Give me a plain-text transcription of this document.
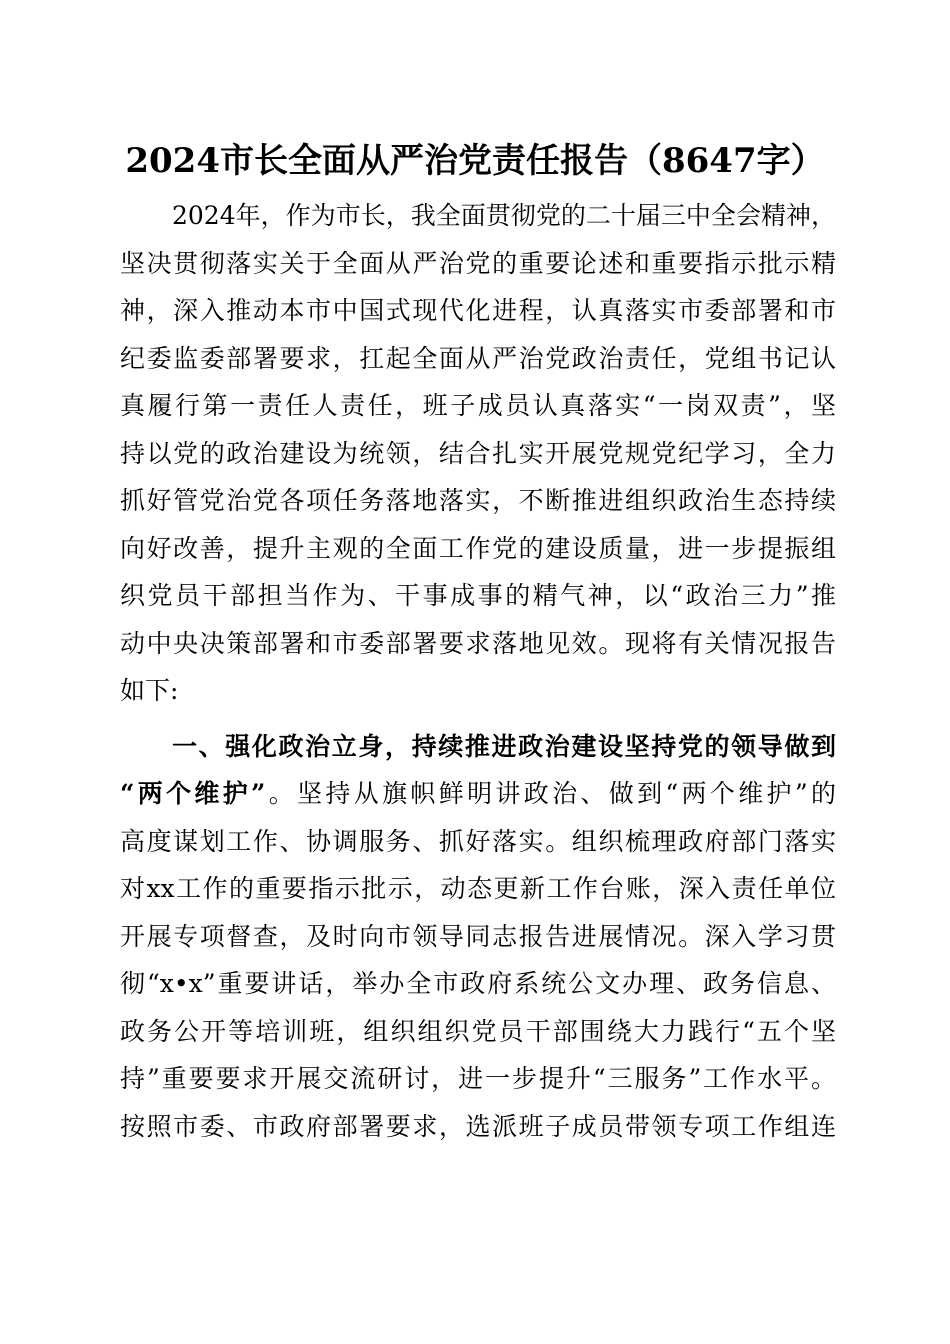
2024市长全面从严治党责任报告（8647字）
2024年，作为市长，我全面贯彻党的二十届三中全会精神，
坚决贯彻落实关于全面从严治党的重要论述和重要指示批示精
神，深入推动本市中国式现代化进程，认真落实市委部署和市
纪委监委部署要求，扛起全面从严治党政治责任，党组书记认
真履行第一责任人责任，班子成员认真落实“一岗双责”，坚
持以党的政治建设为统领，结合扎实开展党规党纪学习，全力
抓好管党治党各项任务落地落实，不断推进组织政治生态持续
向好改善，提升主观的全面工作党的建设质量，进一步提振组
织党员干部担当作为、干事成事的精气神，以“政治三力”推
动中央决策部署和市委部署要求落地见效。现将有关情况报告
如下:
一、强化政治立身，持续推进政治建设坚持党的领导做到
“两个维护”。坚持从旗帜鲜明讲政治、做到“两个维护”的
高度谋划工作、协调服务、抓好落实。组织梳理政府部门落实
对xx工作的重要指示批示，动态更新工作台账，深入责任单位
开展专项督查，及时向市领导同志报告进展情况。深入学习贯
彻“x•x”重要讲话，举办全市政府系统公文办理、政务信息、
政务公开等培训班，组织组织党员干部围绕大力践行“五个坚
持”重要要求开展交流研讨，进一步提升“三服务”工作水平。
按照市委、市政府部署要求，选派班子成员带领专项工作组连
